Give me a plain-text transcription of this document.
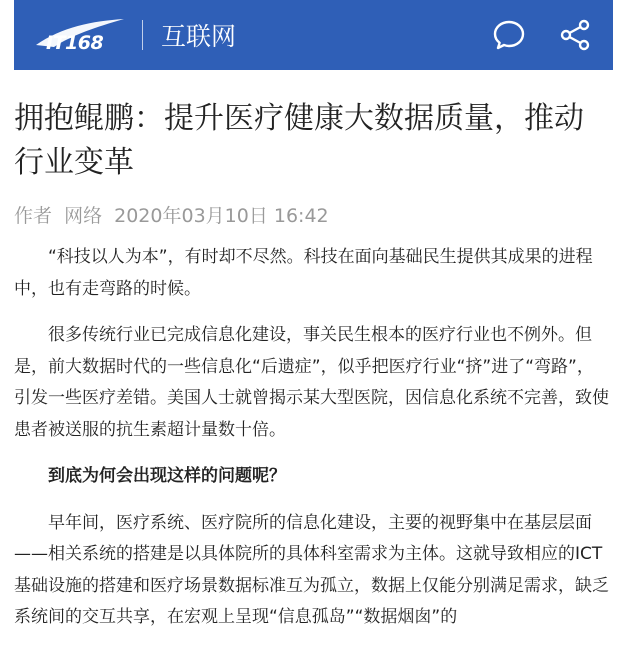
IT168 互联网
拥抱鲲鹏：提升医疗健康大数据质量，推动行业变革
作者 网络 2020年03月10日 16:42

“科技以人为本”，有时却不尽然。科技在面向基础民生提供其成果的进程中，也有走弯路的时候。

很多传统行业已完成信息化建设，事关民生根本的医疗行业也不例外。但是，前大数据时代的一些信息化“后遗症”，似乎把医疗行业“挤”进了“弯路”，引发一些医疗差错。美国人士就曾揭示某大型医院，因信息化系统不完善，致使患者被送服的抗生素超计量数十倍。

到底为何会出现这样的问题呢？

早年间，医疗系统、医疗院所的信息化建设，主要的视野集中在基层层面——相关系统的搭建是以具体院所的具体科室需求为主体。这就导致相应的ICT基础设施的搭建和医疗场景数据标准互为孤立，数据上仅能分别满足需求，缺乏系统间的交互共享，在宏观上呈现“信息孤岛”“数据烟囱”的
